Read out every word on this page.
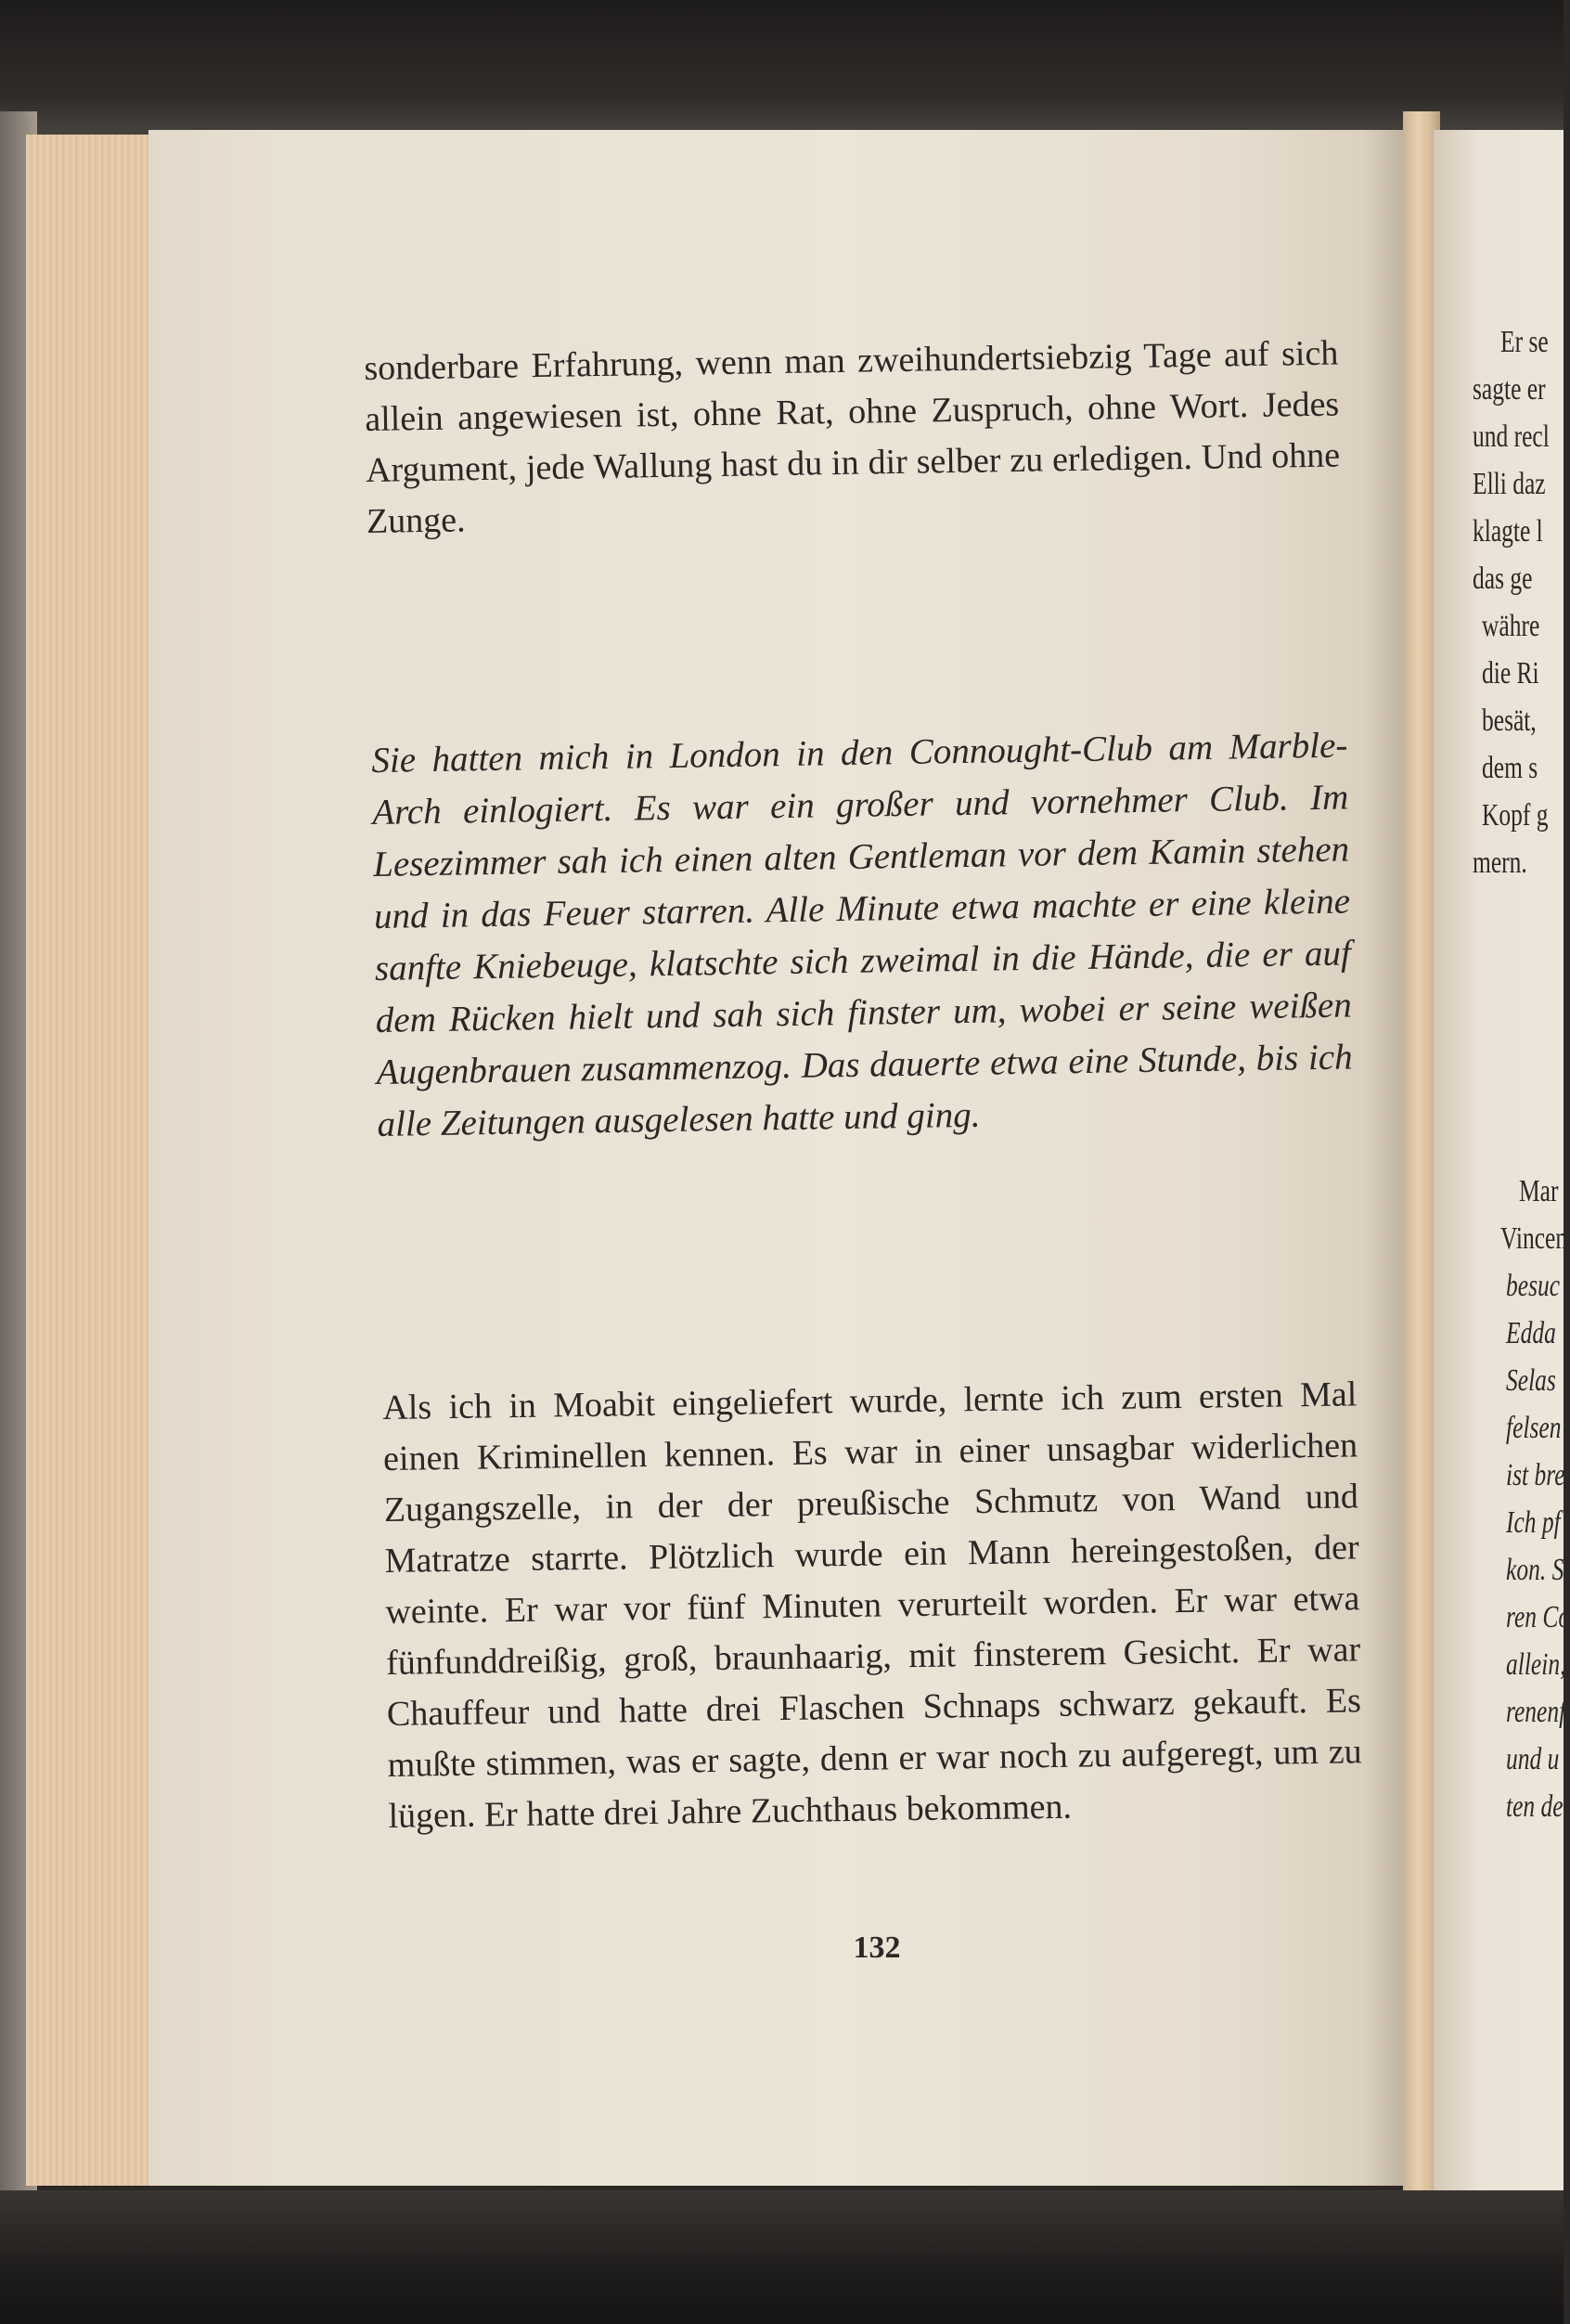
sonderbare Erfahrung, wenn man zweihundertsiebzig Tage auf sich allein angewiesen ist, ohne Rat, ohne Zuspruch, ohne Wort. Jedes Argument, jede Wallung hast du in dir selber zu erledigen. Und ohne Zunge.

Sie hatten mich in London in den Connought-Club am Marble-Arch einlogiert. Es war ein großer und vornehmer Club. Im Lesezimmer sah ich einen alten Gentleman vor dem Kamin stehen und in das Feuer starren. Alle Minute etwa machte er eine kleine sanfte Kniebeuge, klatschte sich zweimal in die Hände, die er auf dem Rücken hielt und sah sich finster um, wobei er seine weißen Augenbrauen zusammenzog. Das dauerte etwa eine Stunde, bis ich alle Zeitungen ausgelesen hatte und ging.

Als ich in Moabit eingeliefert wurde, lernte ich zum ersten Mal einen Kriminellen kennen. Es war in einer unsagbar widerlichen Zugangszelle, in der der preußische Schmutz von Wand und Matratze starrte. Plötzlich wurde ein Mann hereingestoßen, der weinte. Er war vor fünf Minuten verurteilt worden. Er war etwa fünfunddreißig, groß, braunhaarig, mit finsterem Gesicht. Er war Chauffeur und hatte drei Flaschen Schnaps schwarz gekauft. Es mußte stimmen, was er sagte, denn er war noch zu aufgeregt, um zu lügen. Er hatte drei Jahre Zuchthaus bekommen.

132
Er se
sagte er
und recl
Elli daz
klagte l
das ge
währe
die Ri
besät,
dem s
Kopf g
mern.
Mar
Vincen
besuc
Edda
Selas
felsen
ist bre
Ich pf
kon. S
ren Co
allein,
renenf
und u
ten de
